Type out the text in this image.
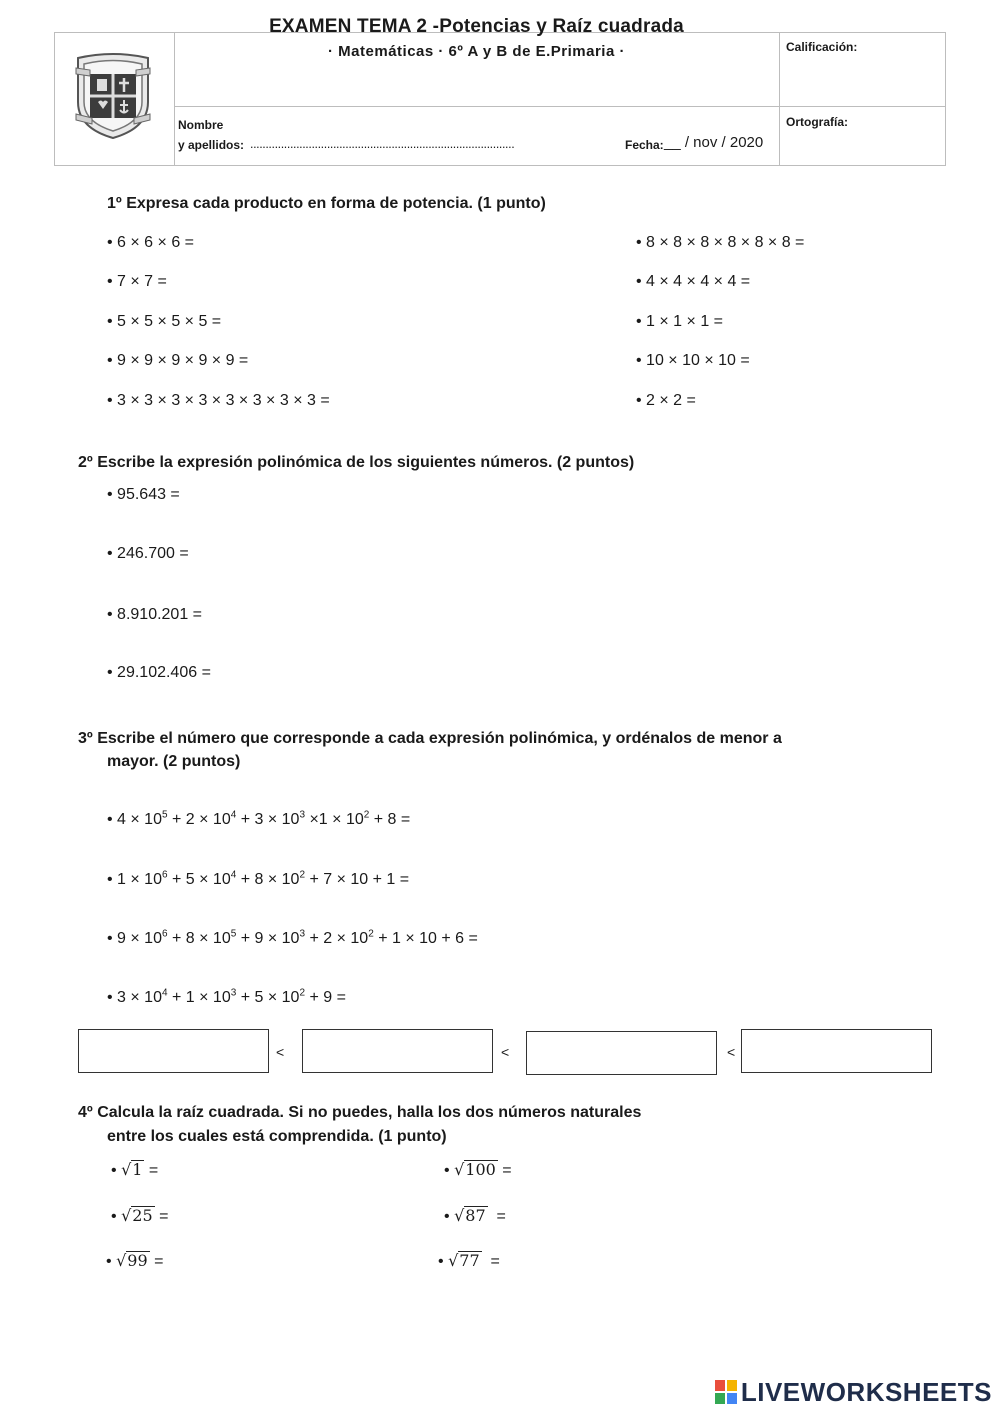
EXAMEN TEMA 2 -Potencias y Raíz cuadrada
· Matemáticas · 6º A y B de E.Primaria ·	Calificación:
Ortografía:
Nombre
y apellidos: ......................................................................................	Fecha: __ / nov / 2020
1º Expresa cada producto en forma de potencia. (1 punto)
• 6 × 6 × 6 =
• 7 × 7 =
• 5 × 5 × 5 × 5 =
• 9 × 9 × 9 × 9 × 9 =
• 3 × 3 × 3 × 3 × 3 × 3 × 3 × 3 =
• 8 × 8 × 8 × 8 × 8 × 8 =
• 4 × 4 × 4 × 4 =
• 1 × 1 × 1 =
• 10 × 10 × 10 =
• 2 × 2 =
2º Escribe la expresión polinómica de los siguientes números. (2 puntos)
• 95.643 =
• 246.700 =
• 8.910.201 =
• 29.102.406 =
3º Escribe el número que corresponde a cada expresión polinómica, y ordénalos de menor a
mayor. (2 puntos)
• $4 \times 10^5 + 2 \times 10^4 + 3 \times 10^3 \times 1 \times 10^2 + 8$ =
• $1 \times 10^6 + 5 \times 10^4 + 8 \times 10^2 + 7 \times 10 + 1$ =
• $9 \times 10^6 + 8 \times 10^5 + 9 \times 10^3 + 2 \times 10^2 + 1 \times 10 + 6$ =
• $3 \times 10^4 + 1 \times 10^3 + 5 \times 10^2 + 9$ =
<	<	<
4º Calcula la raíz cuadrada. Si no puedes, halla los dos números naturales
entre los cuales está comprendida. (1 punto)
• √1 =
• √25 =
• √99 =
• √100 =
• √87 =
• √77 =
LIVEWORKSHEETS
